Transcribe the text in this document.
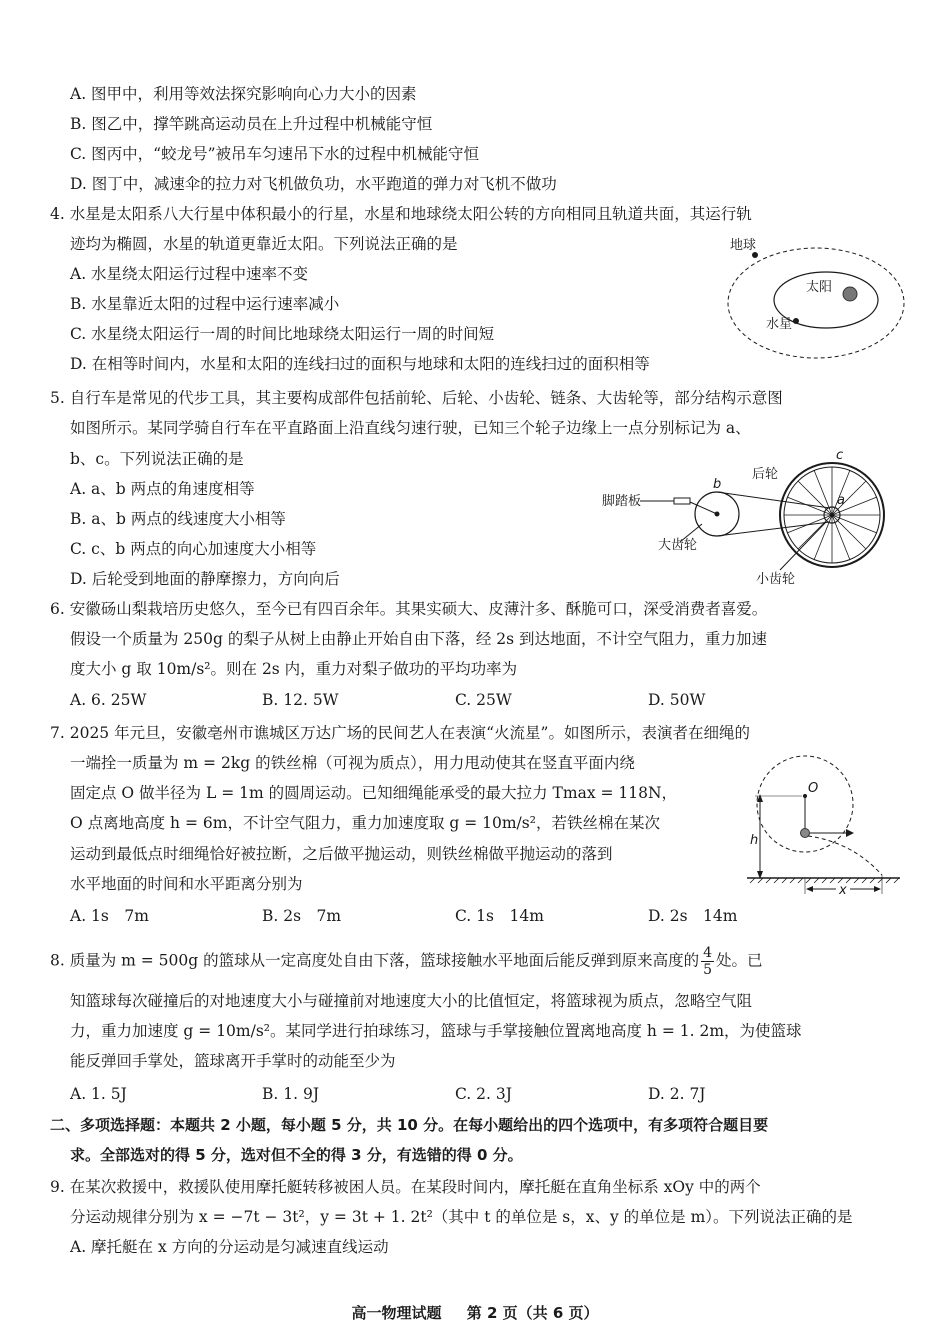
A. 图甲中，利用等效法探究影响向心力大小的因素
B. 图乙中，撑竿跳高运动员在上升过程中机械能守恒
C. 图丙中，“蛟龙号”被吊车匀速吊下水的过程中机械能守恒
D. 图丁中，减速伞的拉力对飞机做负功，水平跑道的弹力对飞机不做功
4. 水星是太阳系八大行星中体积最小的行星，水星和地球绕太阳公转的方向相同且轨道共面，其运行轨
迹均为椭圆，水星的轨道更靠近太阳。下列说法正确的是
A. 水星绕太阳运行过程中速率不变
B. 水星靠近太阳的过程中运行速率减小
C. 水星绕太阳运行一周的时间比地球绕太阳运行一周的时间短
D. 在相等时间内，水星和太阳的连线扫过的面积与地球和太阳的连线扫过的面积相等
地球
太阳
水星
5. 自行车是常见的代步工具，其主要构成部件包括前轮、后轮、小齿轮、链条、大齿轮等，部分结构示意图
如图所示。某同学骑自行车在平直路面上沿直线匀速行驶，已知三个轮子边缘上一点分别标记为 a、
b、c。下列说法正确的是
A. a、b 两点的角速度相等
B. a、b 两点的线速度大小相等
C. c、b 两点的向心加速度大小相等
D. 后轮受到地面的静摩擦力，方向向后
脚踏板
b
大齿轮
c
a
后轮
小齿轮
6. 安徽砀山梨栽培历史悠久，至今已有四百余年。其果实硕大、皮薄汁多、酥脆可口，深受消费者喜爱。
假设一个质量为 250g 的梨子从树上由静止开始自由下落，经 2s 到达地面，不计空气阻力，重力加速
度大小 g 取 10m/s²。则在 2s 内，重力对梨子做功的平均功率为
A. 6. 25W	B. 12. 5W	C. 25W	D. 50W
7. 2025 年元旦，安徽亳州市谯城区万达广场的民间艺人在表演“火流星”。如图所示，表演者在细绳的
一端拴一质量为 m = 2kg 的铁丝棉（可视为质点），用力甩动使其在竖直平面内绕
固定点 O 做半径为 L = 1m 的圆周运动。已知细绳能承受的最大拉力 Tmax = 118N，
O 点离地高度 h = 6m，不计空气阻力，重力加速度取 g = 10m/s²，若铁丝棉在某次
运动到最低点时细绳恰好被拉断，之后做平抛运动，则铁丝棉做平抛运动的落到
水平地面的时间和水平距离分别为
A. 1s　7m	B. 2s　7m	C. 1s　14m	D. 2s　14m
O
h
x
8. 质量为 m = 500g 的篮球从一定高度处自由下落，篮球接触水平地面后能反弹到原来高度的 $\frac{4}{5}$ 处。已
知篮球每次碰撞后的对地速度大小与碰撞前对地速度大小的比值恒定，将篮球视为质点，忽略空气阻
力，重力加速度 g = 10m/s²。某同学进行拍球练习，篮球与手掌接触位置离地高度 h = 1. 2m，为使篮球
能反弹回手掌处，篮球离开手掌时的动能至少为
A. 1. 5J	B. 1. 9J	C. 2. 3J	D. 2. 7J
二、多项选择题：本题共 2 小题，每小题 5 分，共 10 分。在每小题给出的四个选项中，有多项符合题目要
求。全部选对的得 5 分，选对但不全的得 3 分，有选错的得 0 分。
9. 在某次救援中，救援队使用摩托艇转移被困人员。在某段时间内，摩托艇在直角坐标系 xOy 中的两个
分运动规律分别为 x = −7t − 3t²，y = 3t + 1. 2t²（其中 t 的单位是 s，x、y 的单位是 m）。下列说法正确的是
A. 摩托艇在 x 方向的分运动是匀减速直线运动
高一物理试题 第 2 页（共 6 页）
